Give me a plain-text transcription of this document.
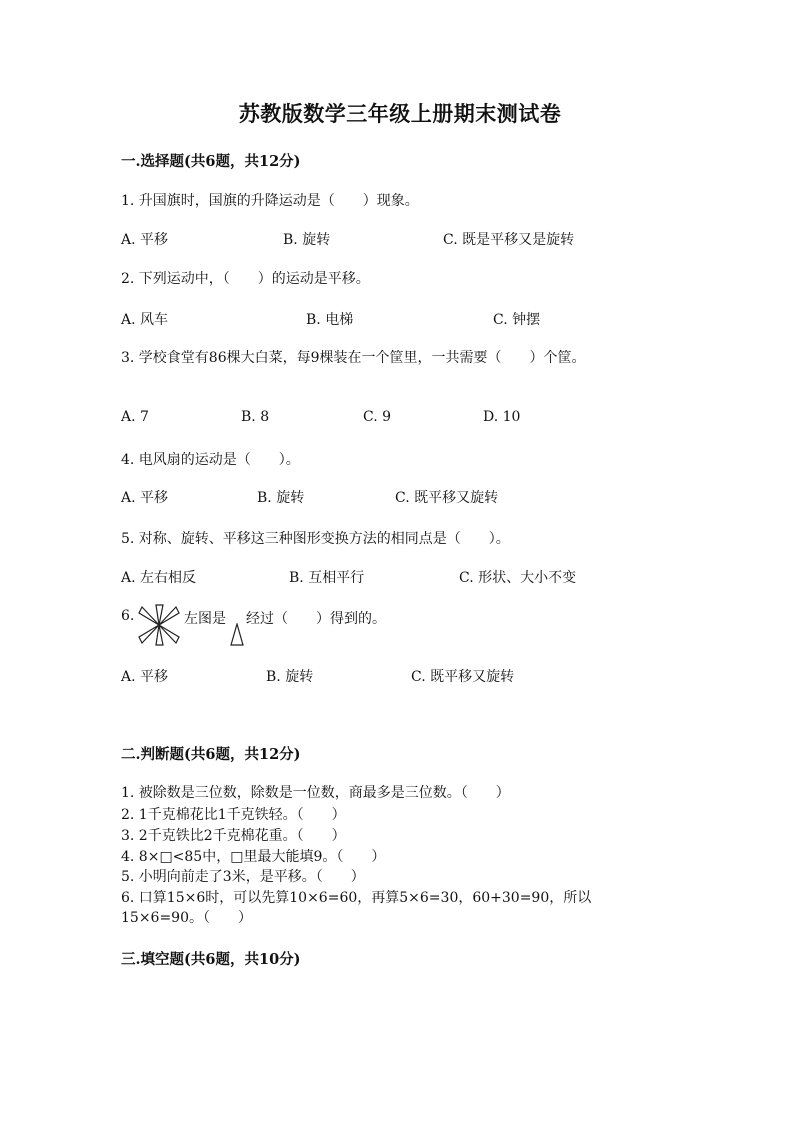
苏教版数学三年级上册期末测试卷
一.选择题(共6题，共12分)
1. 升国旗时，国旗的升降运动是（　　）现象。
A. 平移	B. 旋转	C. 既是平移又是旋转
2. 下列运动中，（　　）的运动是平移。
A. 风车	B. 电梯	C. 钟摆
3. 学校食堂有86棵大白菜，每9棵装在一个筐里，一共需要（　　）个筐。
A. 7	B. 8	C. 9	D. 10
4. 电风扇的运动是（　　）。
A. 平移	B. 旋转	C. 既平移又旋转
5. 对称、旋转、平移这三种图形变换方法的相同点是（　　）。
A. 左右相反	B. 互相平行	C. 形状、大小不变
6.	左图是 经过（　　）得到的。
A. 平移	B. 旋转	C. 既平移又旋转
二.判断题(共6题，共12分)
1. 被除数是三位数，除数是一位数，商最多是三位数。（　　）
2. 1千克棉花比1千克铁轻。（　　）
3. 2千克铁比2千克棉花重。（　　）
4. 8×□<85中，□里最大能填9。（　　）
5. 小明向前走了3米，是平移。（　　）
6. 口算15×6时，可以先算10×6=60，再算5×6=30，60+30=90，所以
15×6=90。（　　）
三.填空题(共6题，共10分)
